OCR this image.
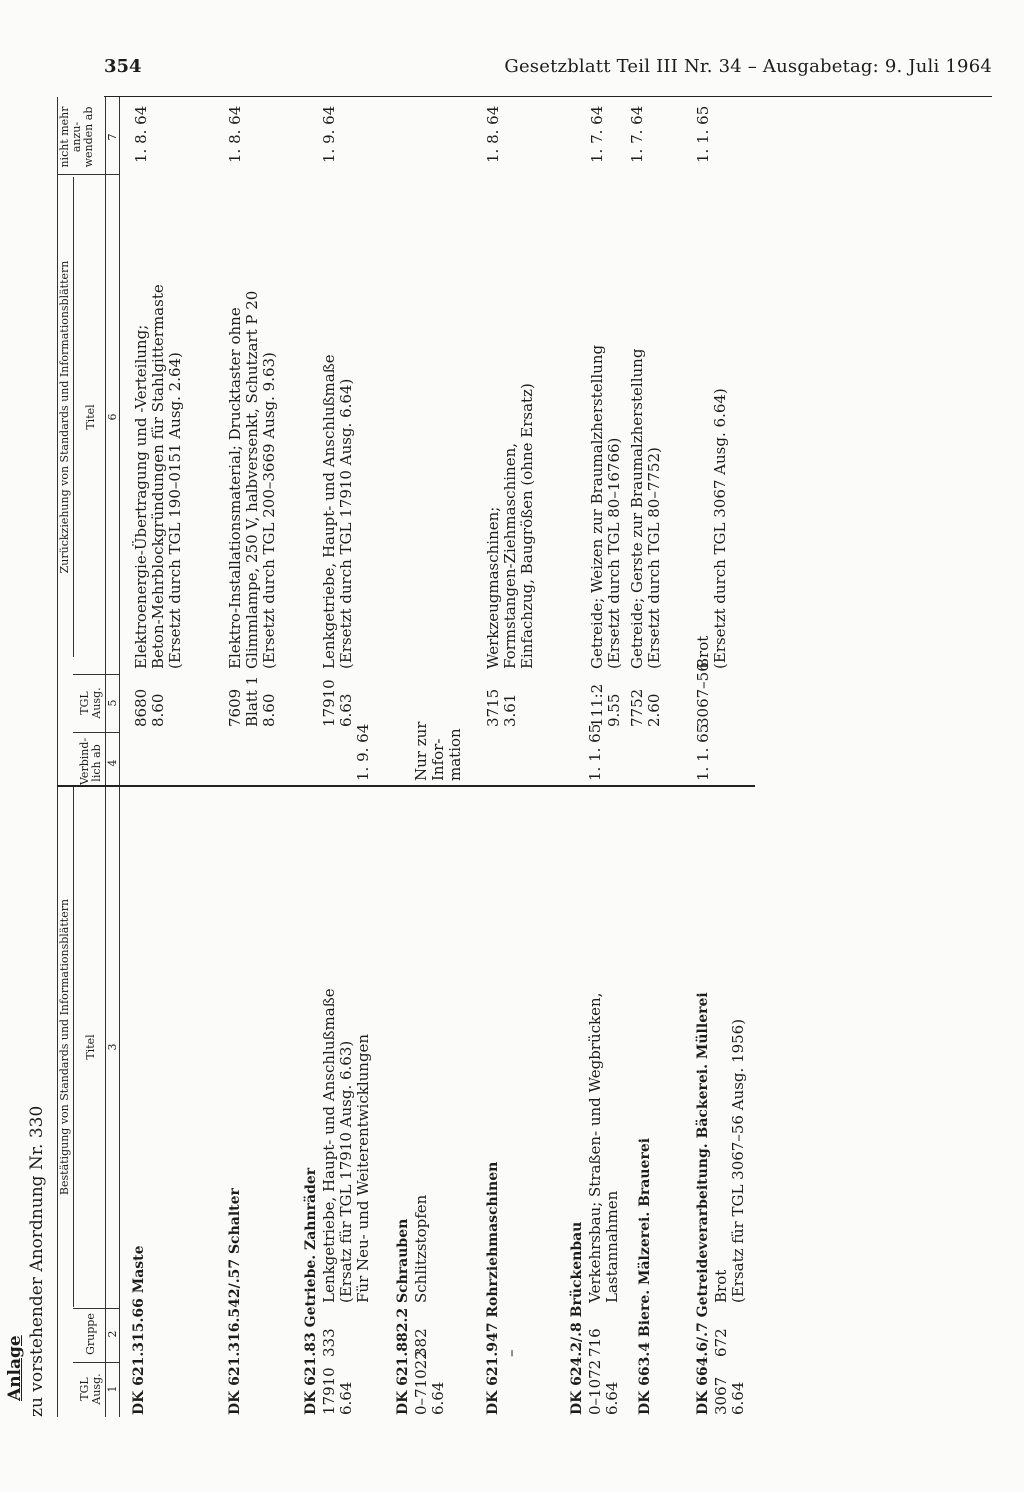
354	Gesetzblatt Teil III Nr. 34 – Ausgabetag: 9. Juli 1964
Anlage zu vorstehender Anordnung Nr. 330
Bestätigung von Standards und Informationsblättern
Zurückziehung von Standards und Informationsblättern
TGL Ausg.
Gruppe
Titel
Verbind-lich ab
TGL Ausg.
Titel
nicht mehr anzu-wenden ab
1
2
3
4
5
6
7
DK 621.315.66 Maste
8680 8.60
Elektroenergie-Übertragung und -Verteilung; Beton-Mehrblockgründungen für Stahlgittermaste (Ersetzt durch TGL 190–0151 Ausg. 2.64)
1. 8. 64
DK 621.316.542/.57 Schalter
7609 Blatt 1 8.60
Elektro-Installationsmaterial; Drucktaster ohne Glimmlampe, 250 V, halbversenkt, Schutzart P 20 (Ersetzt durch TGL 200–3669 Ausg. 9.63)
1. 8. 64
DK 621.83 Getriebe. Zahnräder 17910 6.64
333
Lenkgetriebe, Haupt- und Anschlußmaße (Ersatz für TGL 17910 Ausg. 6.63) Für Neu- und Weiterentwicklungen
1. 9. 64
17910 6.63
Lenkgetriebe, Haupt- und Anschlußmaße (Ersetzt durch TGL 17910 Ausg. 6.64)
1. 9. 64
DK 621.882.2 Schrauben 0–71022 6.64
382
Schlitzstopfen
Nur zur Infor- mation
DK 621.947 Rohrziehmaschinen –
3715 3.61
Werkzeugmaschinen; Formstangen-Ziehmaschinen, Einfachzug, Baugrößen (ohne Ersatz)
1. 8. 64
DK 624.2/.8 Brückenbau 0–1072 6.64
716
Verkehrsbau; Straßen- und Wegbrücken, Lastannahmen
1. 1. 65
DK 663.4 Biere. Mälzerei. Brauerei
111:2 9.55
Getreide; Weizen zur Braumalzherstellung (Ersetzt durch TGL 80–16766)
1. 7. 64
7752 2.60
Getreide; Gerste zur Braumalzherstellung (Ersetzt durch TGL 80–7752)
1. 7. 64
DK 664.6/.7 Getreideverarbeitung. Bäckerei. Müllerei 3067 6.64
672
Brot (Ersatz für TGL 3067–56 Ausg. 1956)
1. 1. 65
3067–56
Brot (Ersetzt durch TGL 3067 Ausg. 6.64)
1. 1. 65
